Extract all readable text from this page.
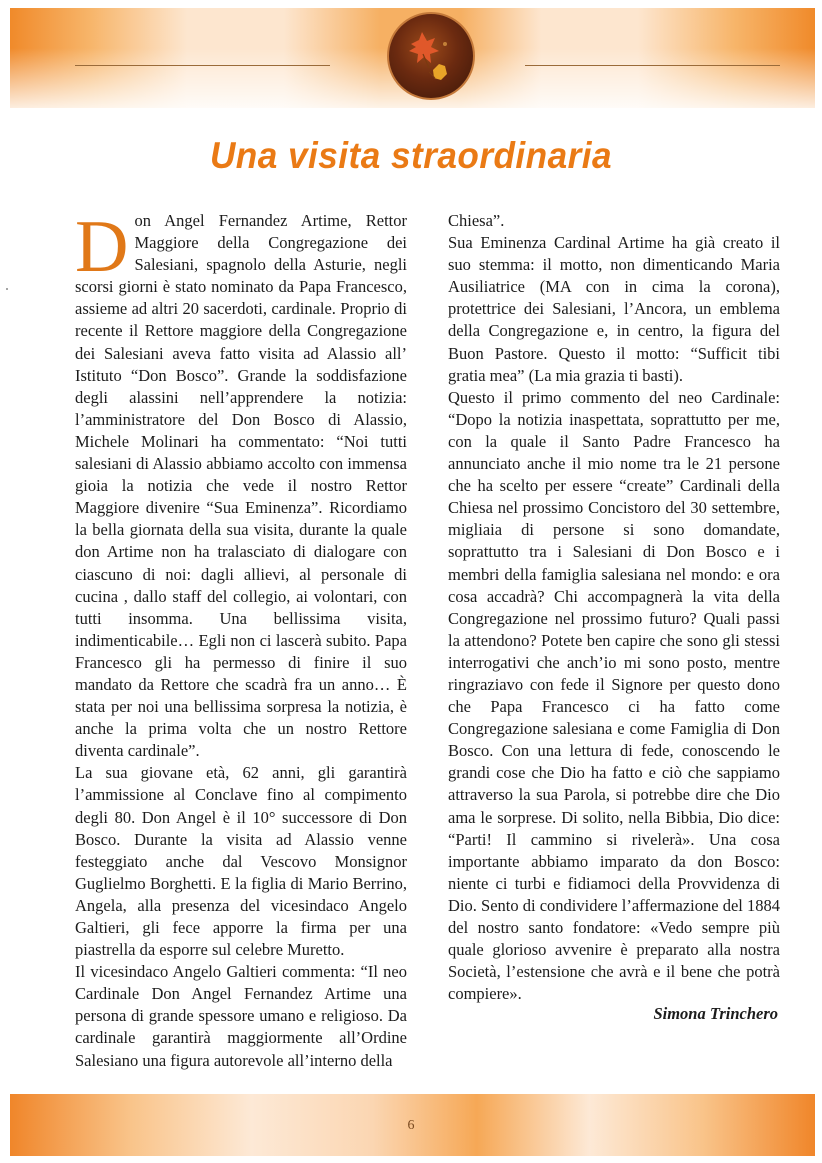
Una visita straordinaria

Don Angel Fernandez Artime, Rettor Maggiore della Congregazione dei Salesiani, spagnolo della Asturie, negli scorsi giorni è stato nominato da Papa Francesco, assieme ad altri 20 sacerdoti, cardinale. Proprio di recente il Rettore maggiore della Congregazione dei Salesiani aveva fatto visita ad Alassio all’ Istituto “Don Bosco”. Grande la soddisfazione degli alassini nell’apprendere la notizia: l’amministratore del Don Bosco di Alassio, Michele Molinari ha commentato: “Noi tutti salesiani di Alassio abbiamo accolto con immensa gioia la notizia che vede il nostro Rettor Maggiore divenire “Sua Eminenza”. Ricordiamo la bella giornata della sua visita, durante la quale don Artime non ha tralasciato di dialogare con ciascuno di noi: dagli allievi, al personale di cucina , dallo staff del collegio, ai volontari, con tutti insomma. Una bellissima visita, indimenticabile… Egli non ci lascerà subito. Papa Francesco gli ha permesso di finire il suo mandato da Rettore che scadrà fra un anno… È stata per noi una bellissima sorpresa la notizia, è anche la prima volta che un nostro Rettore diventa cardinale”.

La sua giovane età, 62 anni, gli garantirà l’ammissione al Conclave fino al compimento degli 80. Don Angel è il 10° successore di Don Bosco. Durante la visita ad Alassio venne festeggiato anche dal Vescovo Monsignor Guglielmo Borghetti. E la figlia di Mario Berrino, Angela, alla presenza del vicesindaco Angelo Galtieri, gli fece apporre la firma per una piastrella da esporre sul celebre Muretto.

Il vicesindaco Angelo Galtieri commenta: “Il neo Cardinale Don Angel Fernandez Artime una persona di grande spessore umano e religioso. Da cardinale garantirà maggiormente all’Ordine Salesiano una figura autorevole all’interno della

Chiesa”.

Sua Eminenza Cardinal Artime ha già creato il suo stemma: il motto, non dimenticando Maria Ausiliatrice (MA con in cima la corona), protettrice dei Salesiani, l’Ancora, un emblema della Congregazione e, in centro, la figura del Buon Pastore. Questo il motto: “Sufficit tibi gratia mea” (La mia grazia ti basti).

Questo il primo commento del neo Cardinale: “Dopo la notizia inaspettata, soprattutto per me, con la quale il Santo Padre Francesco ha annunciato anche il mio nome tra le 21 persone che ha scelto per essere “create” Cardinali della Chiesa nel prossimo Concistoro del 30 settembre, migliaia di persone si sono domandate, soprattutto tra i Salesiani di Don Bosco e i membri della famiglia salesiana nel mondo: e ora cosa accadrà? Chi accompagnerà la vita della Congregazione nel prossimo futuro? Quali passi la attendono? Potete ben capire che sono gli stessi interrogativi che anch’io mi sono posto, mentre ringraziavo con fede il Signore per questo dono che Papa Francesco ci ha fatto come Congregazione salesiana e come Famiglia di Don Bosco. Con una lettura di fede, conoscendo le grandi cose che Dio ha fatto e ciò che sappiamo attraverso la sua Parola, si potrebbe dire che Dio ama le sorprese. Di solito, nella Bibbia, Dio dice: “Parti! Il cammino si rivelerà». Una cosa importante abbiamo imparato da don Bosco: niente ci turbi e fidiamoci della Provvidenza di Dio. Sento di condividere l’affermazione del 1884 del nostro santo fondatore: «Vedo sempre più quale glorioso avvenire è preparato alla nostra Società, l’estensione che avrà e il bene che potrà compiere».

Simona Trinchero
6
